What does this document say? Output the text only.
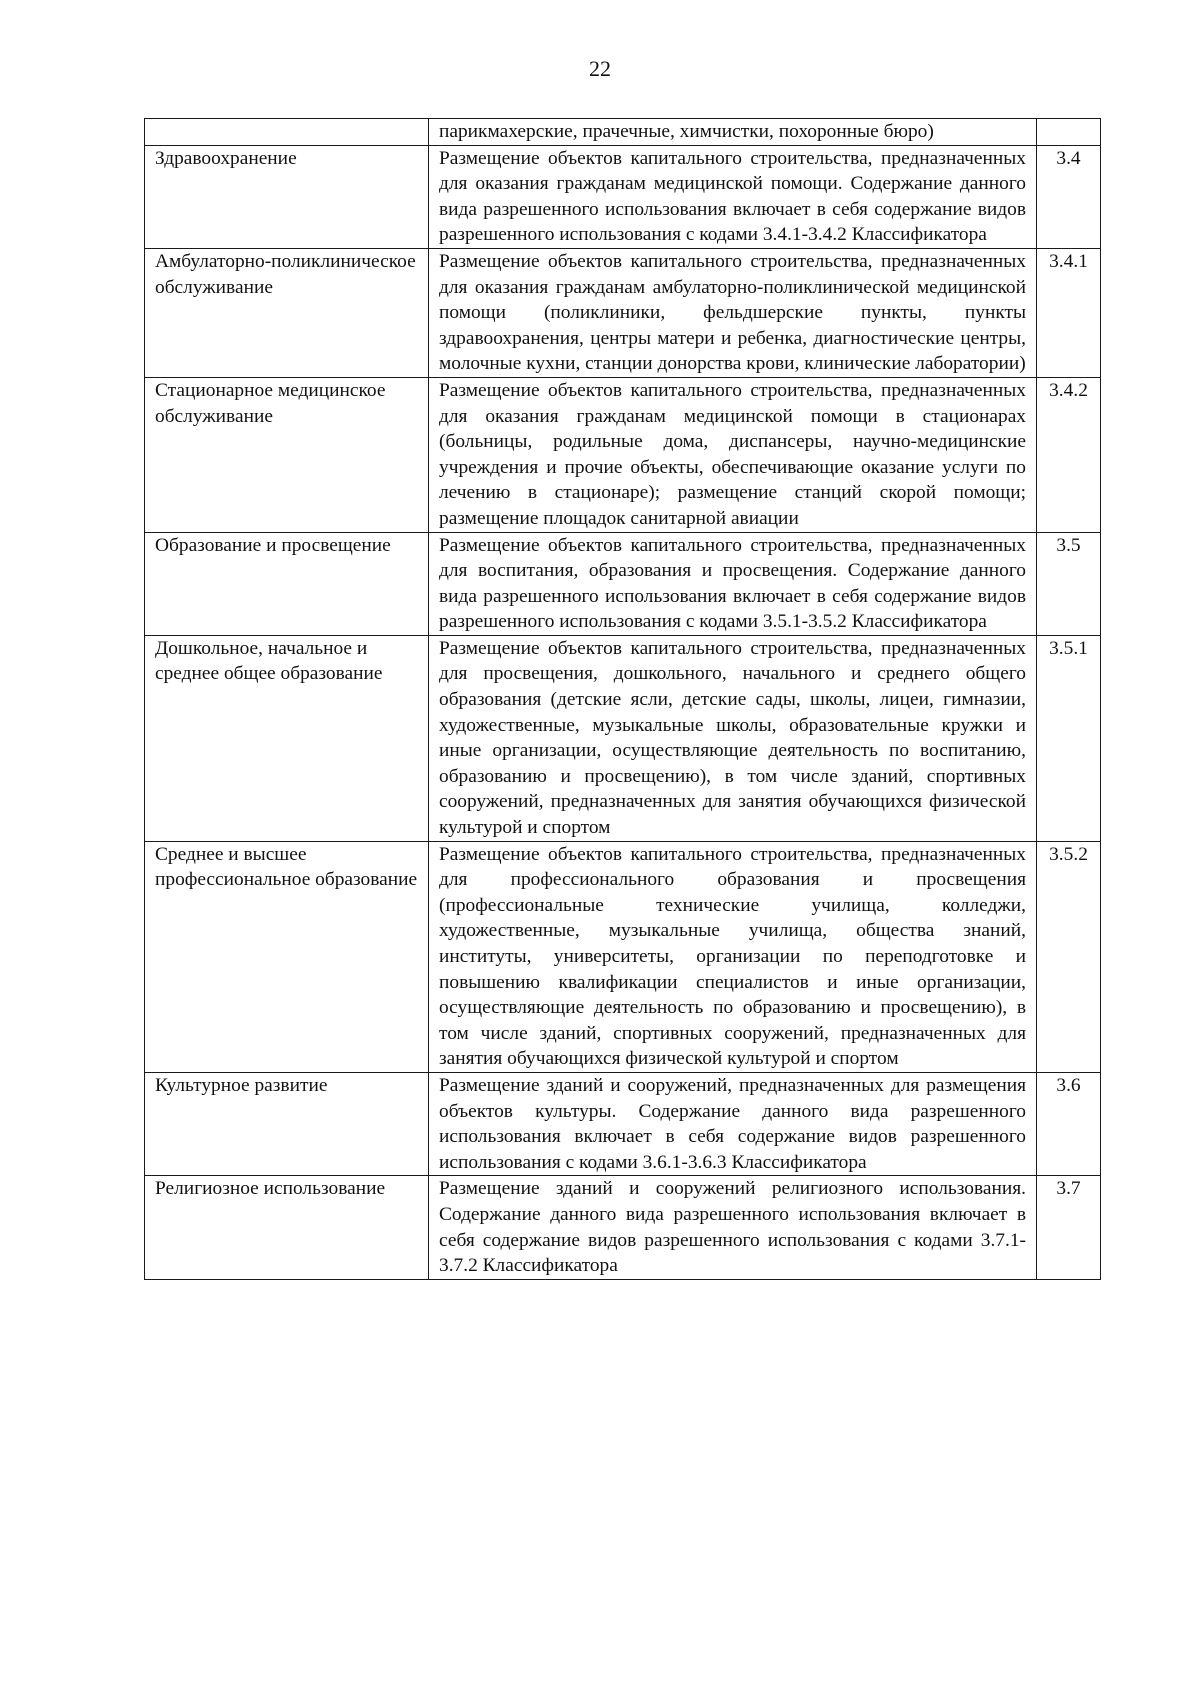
22
	парикмахерские, прачечные, химчистки, похоронные бюро)	
Здравоохранение	Размещение объектов капитального строительства, предназначенных для оказания гражданам медицинской помощи. Содержание данного вида разрешенного использования включает в себя содержание видов разрешенного использования с кодами 3.4.1-3.4.2 Классификатора	3.4
Амбулаторно-поликлиническое обслуживание	Размещение объектов капитального строительства, предназначенных для оказания гражданам амбулаторно-поликлинической медицинской помощи (поликлиники, фельдшерские пункты, пункты здравоохранения, центры матери и ребенка, диагностические центры, молочные кухни, станции донорства крови, клинические лаборатории)	3.4.1
Стационарное медицинское обслуживание	Размещение объектов капитального строительства, предназначенных для оказания гражданам медицинской помощи в стационарах (больницы, родильные дома, диспансеры, научно-медицинские учреждения и прочие объекты, обеспечивающие оказание услуги по лечению в стационаре); размещение станций скорой помощи; размещение площадок санитарной авиации	3.4.2
Образование и просвещение	Размещение объектов капитального строительства, предназначенных для воспитания, образования и просвещения. Содержание данного вида разрешенного использования включает в себя содержание видов разрешенного использования с кодами 3.5.1-3.5.2 Классификатора	3.5
Дошкольное, начальное и среднее общее образование	Размещение объектов капитального строительства, предназначенных для просвещения, дошкольного, начального и среднего общего образования (детские ясли, детские сады, школы, лицеи, гимназии, художественные, музыкальные школы, образовательные кружки и иные организации, осуществляющие деятельность по воспитанию, образованию и просвещению), в том числе зданий, спортивных сооружений, предназначенных для занятия обучающихся физической культурой и спортом	3.5.1
Среднее и высшее профессиональное образование	Размещение объектов капитального строительства, предназначенных для профессионального образования и просвещения (профессиональные технические училища, колледжи, художественные, музыкальные училища, общества знаний, институты, университеты, организации по переподготовке и повышению квалификации специалистов и иные организации, осуществляющие деятельность по образованию и просвещению), в том числе зданий, спортивных сооружений, предназначенных для занятия обучающихся физической культурой и спортом	3.5.2
Культурное развитие	Размещение зданий и сооружений, предназначенных для размещения объектов культуры. Содержание данного вида разрешенного использования включает в себя содержание видов разрешенного использования с кодами 3.6.1-3.6.3 Классификатора	3.6
Религиозное использование	Размещение зданий и сооружений религиозного использования. Содержание данного вида разрешенного использования включает в себя содержание видов разрешенного использования с кодами 3.7.1-3.7.2 Классификатора	3.7
